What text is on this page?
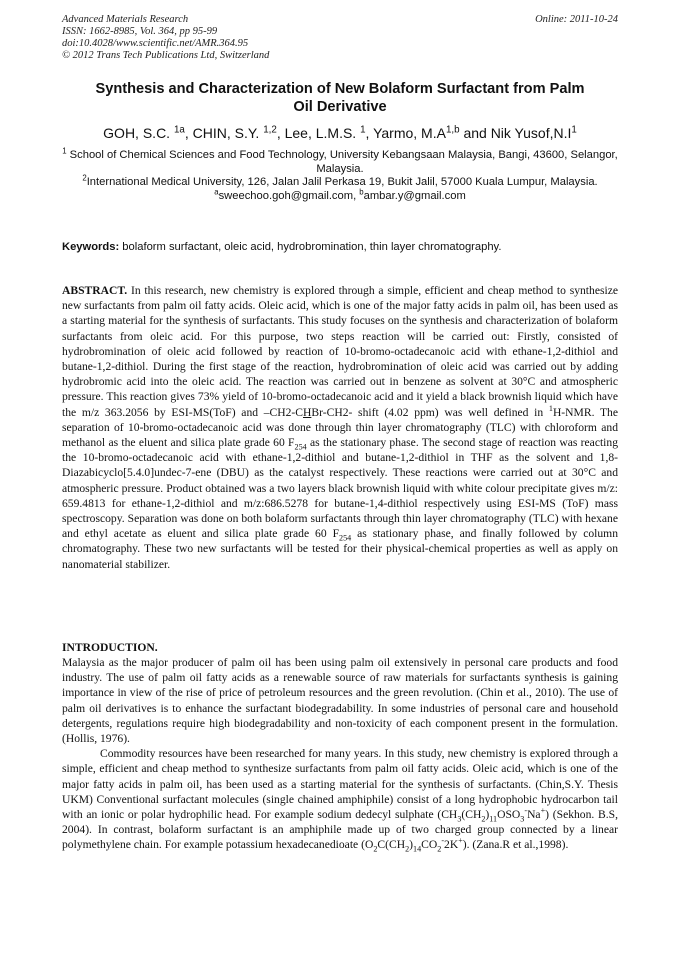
Advanced Materials Research
ISSN: 1662-8985, Vol. 364, pp 95-99
doi:10.4028/www.scientific.net/AMR.364.95
© 2012 Trans Tech Publications Ltd, Switzerland
Online: 2011-10-24
Synthesis and Characterization of New Bolaform Surfactant from Palm
Oil Derivative
GOH, S.C. $^{1a}$, CHIN, S.Y. $^{1,2}$, Lee, L.M.S. $^1$, Yarmo, $M.A^{1,b}$ and Nik $Yusof,N.I^1$

$^1$ School of Chemical Sciences and Food Technology, University Kebangsaan Malaysia, Bangi, 43600, Selangor, Malaysia.

$^2$International Medical University, 126, Jalan Jalil Perkasa 19, Bukit Jalil, 57000 Kuala Lumpur, Malaysia.

$^a$sweechoo.goh@gmail.com, $^b$ambar.y@gmail.com

Keywords: bolaform surfactant, oleic acid, hydrobromination, thin layer chromatography.

ABSTRACT. In this research, new chemistry is explored through a simple, efficient and cheap method to synthesize new surfactants from palm oil fatty acids. Oleic acid, which is one of the major fatty acids in palm oil, has been used as a starting material for the synthesis of surfactants. This study focuses on the synthesis and characterization of bolaform surfactants from oleic acid. For this purpose, two steps reaction will be carried out: Firstly, consisted of hydrobromination of oleic acid followed by reaction of 10-bromo-octadecanoic acid with ethane-1,2-dithiol and butane-1,2-dithiol. During the first stage of the reaction, hydrobromination of oleic acid was carried out by adding hydrobromic acid into the oleic acid. The reaction was carried out in benzene as solvent at 30°C and atmospheric pressure. This reaction gives 73% yield of 10-bromo-octadecanoic acid and it yield a black brownish liquid which have the m/z 363.2056 by ESI-MS(ToF) and –CH2-CHBr-CH2- shift (4.02 ppm) was well defined in $^1$H-NMR. The separation of 10-bromo-octadecanoic acid was done through thin layer chromatography (TLC) with chloroform and methanol as the eluent and silica plate grade 60 $F_{254}$ as the stationary phase. The second stage of reaction was reacting the 10-bromo-octadecanoic acid with ethane-1,2-dithiol and butane-1,2-dithiol in THF as the solvent and 1,8-Diazabicyclo[5.4.0]undec-7-ene (DBU) as the catalyst respectively. These reactions were carried out at 30°C and atmospheric pressure. Product obtained was a two layers black brownish liquid with white colour precipitate gives m/z: 659.4813 for ethane-1,2-dithiol and m/z:686.5278 for butane-1,4-dithiol respectively using ESI-MS (ToF) mass spectroscopy. Separation was done on both bolaform surfactants through thin layer chromatography (TLC) with hexane and ethyl acetate as eluent and silica plate grade 60 $F_{254}$ as stationary phase, and finally followed by column chromatography. These two new surfactants will be tested for their physical-chemical properties as well as apply on nanomaterial stabilizer.

INTRODUCTION.

Malaysia as the major producer of palm oil has been using palm oil extensively in personal care products and food industry. The use of palm oil fatty acids as a renewable source of raw materials for surfactants synthesis is gaining importance in view of the rise of price of petroleum resources and the green revolution. (Chin et al., 2010). The use of palm oil derivatives is to enhance the surfactant biodegradability. In some industries of personal care and household detergents, regulations require high biodegradability and non-toxicity of each component present in the formulation. (Hollis, 1976).

Commodity resources have been researched for many years. In this study, new chemistry is explored through a simple, efficient and cheap method to synthesize surfactants from palm oil fatty acids. Oleic acid, which is one of the major fatty acids in palm oil, has been used as a starting material for the synthesis of surfactants. (Chin,S.Y. Thesis UKM) Conventional surfactant molecules (single chained amphiphile) consist of a long hydrophobic hydrocarbon tail with an ionic or polar hydrophilic head. For example sodium dedecyl sulphate $(CH_3(CH_2)_{11}OSO_3^-Na^+)$ (Sekhon. B.S, 2004). In contrast, bolaform surfactant is an amphiphile made up of two charged group connected by a linear polymethylene chain. For example potassium hexadecanedioate $(O_2C(CH_2)_{14}CO_2^-2K^+)$. (Zana.R et al.,1998).
